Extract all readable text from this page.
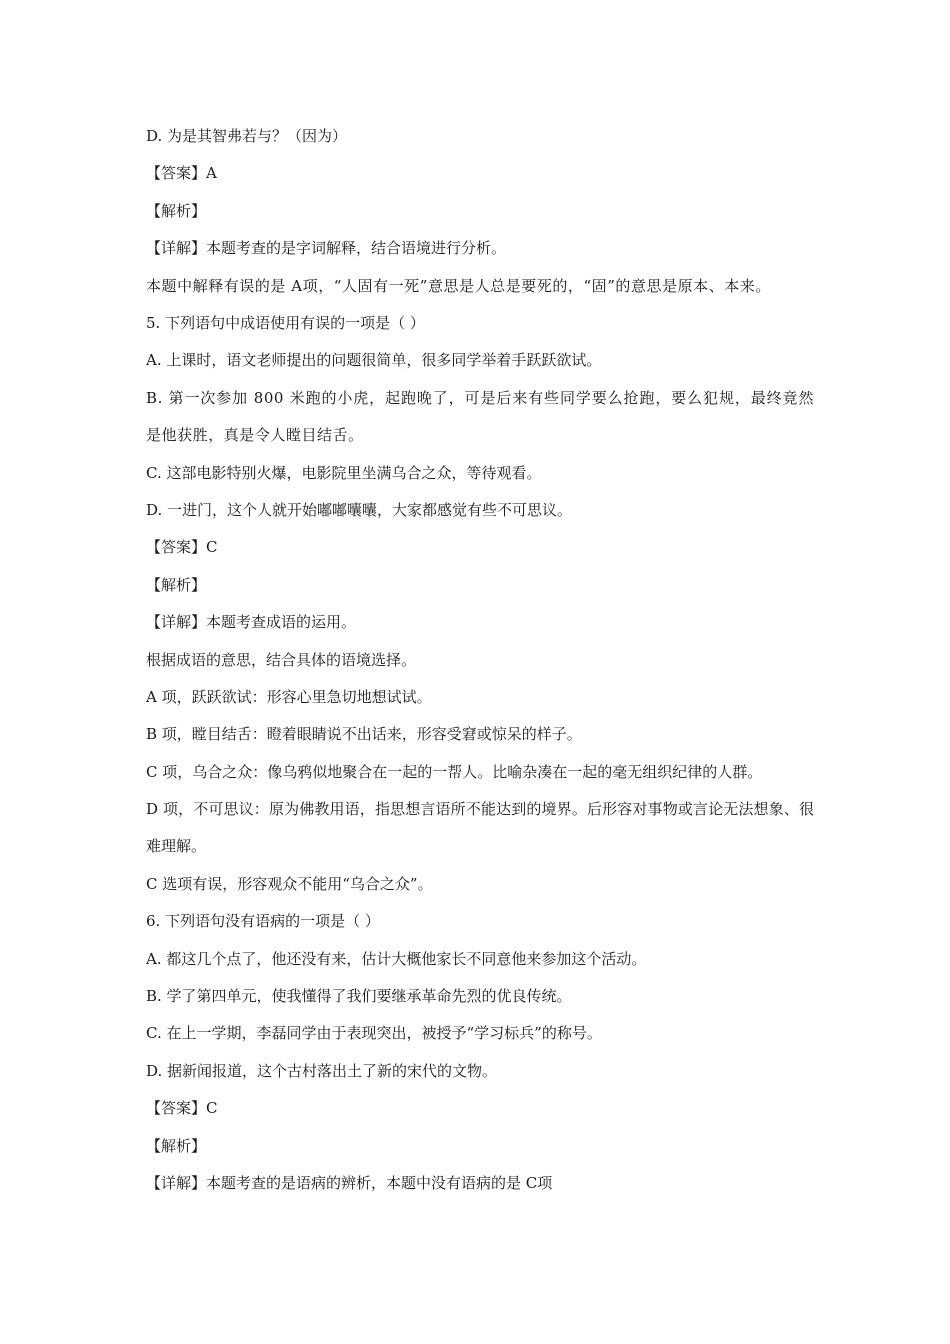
D. 为是其智弗若与？（因为）
【答案】A
【解析】
【详解】本题考查的是字词解释，结合语境进行分析。
本题中解释有误的是 A项，“人固有一死”意思是人总是要死的，“固”的意思是原本、本来。
5. 下列语句中成语使用有误的一项是（ ）
A. 上课时，语文老师提出的问题很简单，很多同学举着手跃跃欲试。
B. 第一次参加 800 米跑的小虎，起跑晚了，可是后来有些同学要么抢跑，要么犯规，最终竟然是他获胜，真是令人瞠目结舌。
C. 这部电影特别火爆，电影院里坐满乌合之众，等待观看。
D. 一进门，这个人就开始嘟嘟囔囔，大家都感觉有些不可思议。
【答案】C
【解析】
【详解】本题考查成语的运用。
根据成语的意思，结合具体的语境选择。
A 项，跃跃欲试：形容心里急切地想试试。
B 项，瞠目结舌：瞪着眼睛说不出话来，形容受窘或惊呆的样子。
C 项，乌合之众：像乌鸦似地聚合在一起的一帮人。比喻杂凑在一起的毫无组织纪律的人群。
D 项，不可思议：原为佛教用语，指思想言语所不能达到的境界。后形容对事物或言论无法想象、很难理解。
C 选项有误，形容观众不能用“乌合之众”。
6. 下列语句没有语病的一项是（ ）
A. 都这几个点了，他还没有来，估计大概他家长不同意他来参加这个活动。
B. 学了第四单元，使我懂得了我们要继承革命先烈的优良传统。
C. 在上一学期，李磊同学由于表现突出，被授予“学习标兵”的称号。
D. 据新闻报道，这个古村落出土了新的宋代的文物。
【答案】C
【解析】
【详解】本题考查的是语病的辨析，本题中没有语病的是 C项
